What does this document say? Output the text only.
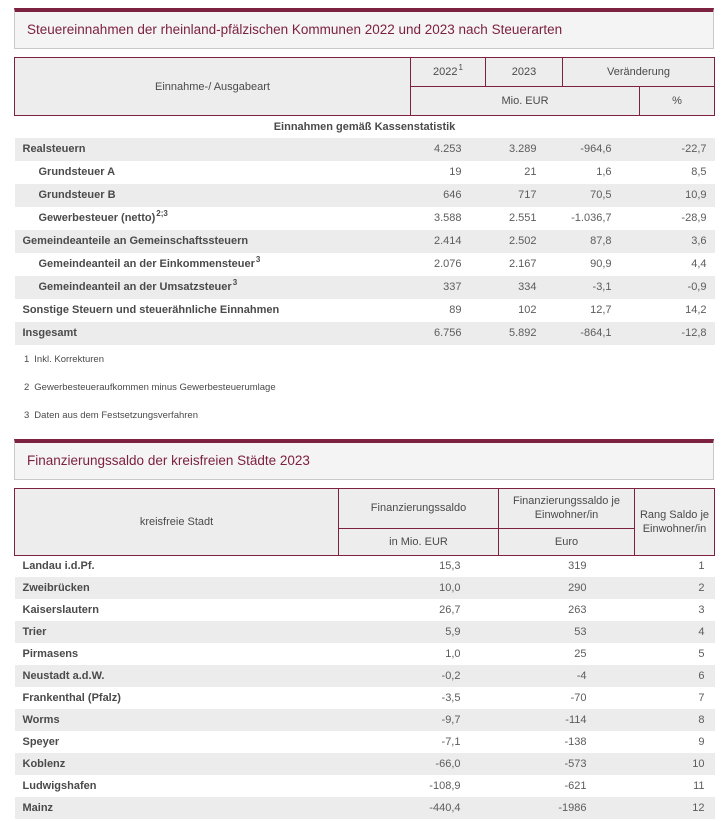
Steuereinnahmen der rheinland-pfälzischen Kommunen 2022 und 2023 nach Steuerarten
Einnahme-/ Ausgabeart	2022$^1$	2023	Veränderung	
	Mio. EUR			%
Einnahmen gemäß Kassenstatistik				
Realsteuern	4.253	3.289	-964,6	-22,7
Grundsteuer A	19	21	1,6	8,5
Grundsteuer B	646	717	70,5	10,9
Gewerbesteuer (netto)$^{2;3}$	3.588	2.551	-1.036,7	-28,9
Gemeindeanteile an Gemeinschaftssteuern	2.414	2.502	87,8	3,6
Gemeindeanteil an der Einkommensteuer$^3$	2.076	2.167	90,9	4,4
Gemeindeanteil an der Umsatzsteuer$^3$	337	334	-3,1	-0,9
Sonstige Steuern und steuerähnliche Einnahmen	89	102	12,7	14,2
Insgesamt	6.756	5.892	-864,1	-12,8
1 Inkl. Korrekturen
2 Gewerbesteueraufkommen minus Gewerbesteuerumlage
3 Daten aus dem Festsetzungsverfahren
Finanzierungssaldo der kreisfreien Städte 2023
kreisfreie Stadt	Finanzierungssaldo	Finanzierungssaldo je Einwohner/in	Rang Saldo je Einwohner/in
	in Mio. EUR	Euro	
Landau i.d.Pf.	15,3	319	1
Zweibrücken	10,0	290	2
Kaiserslautern	26,7	263	3
Trier	5,9	53	4
Pirmasens	1,0	25	5
Neustadt a.d.W.	-0,2	-4	6
Frankenthal (Pfalz)	-3,5	-70	7
Worms	-9,7	-114	8
Speyer	-7,1	-138	9
Koblenz	-66,0	-573	10
Ludwigshafen	-108,9	-621	11
Mainz	-440,4	-1986	12
